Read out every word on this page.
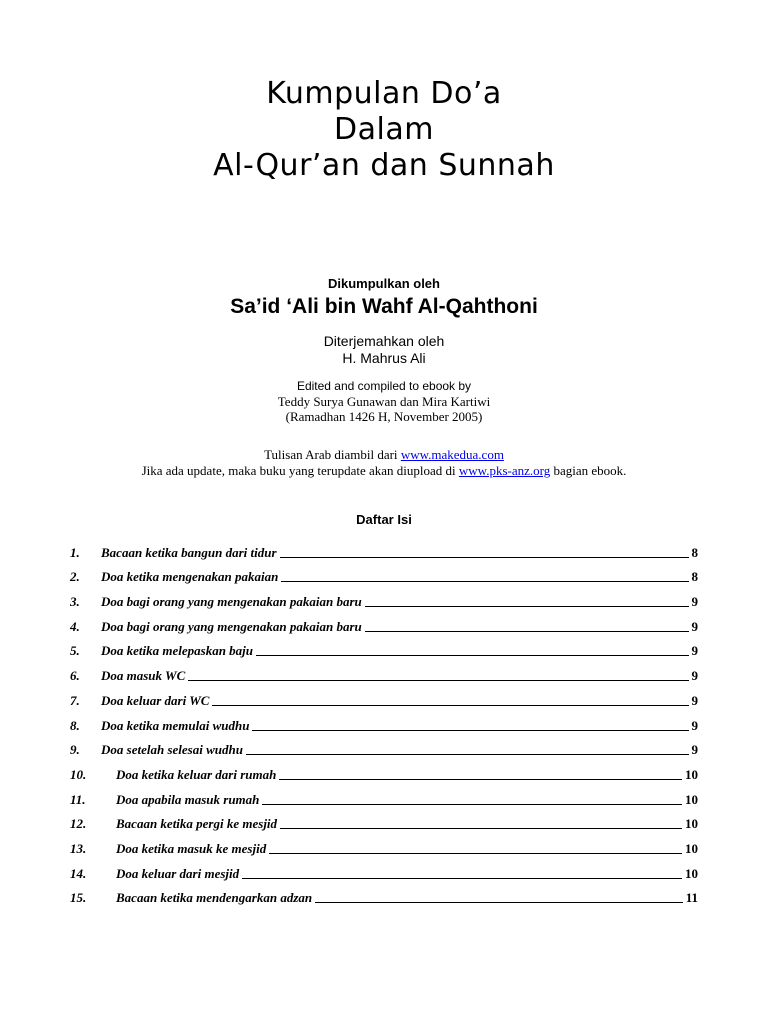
Kumpulan Do’a
Dalam
Al-Qur’an dan Sunnah
Dikumpulkan oleh
Sa’id ‘Ali bin Wahf Al-Qahthoni
Diterjemahkan oleh
H. Mahrus Ali
Edited and compiled to ebook by
Teddy Surya Gunawan dan Mira Kartiwi
(Ramadhan 1426 H, November 2005)
Tulisan Arab diambil dari www.makedua.com
Jika ada update, maka buku yang terupdate akan diupload di www.pks-anz.org bagian ebook.
Daftar Isi
1.	Bacaan ketika bangun dari tidur	8
2.	Doa ketika mengenakan pakaian	8
3.	Doa bagi orang yang mengenakan pakaian baru	9
4.	Doa bagi orang yang mengenakan pakaian baru	9
5.	Doa ketika melepaskan baju	9
6.	Doa masuk WC	9
7.	Doa keluar dari WC	9
8.	Doa ketika memulai wudhu	9
9.	Doa setelah selesai wudhu	9
10.	Doa ketika keluar dari rumah	10
11.	Doa apabila masuk rumah	10
12.	Bacaan ketika pergi ke mesjid	10
13.	Doa ketika masuk ke mesjid	10
14.	Doa keluar dari mesjid	10
15.	Bacaan ketika mendengarkan adzan	11
